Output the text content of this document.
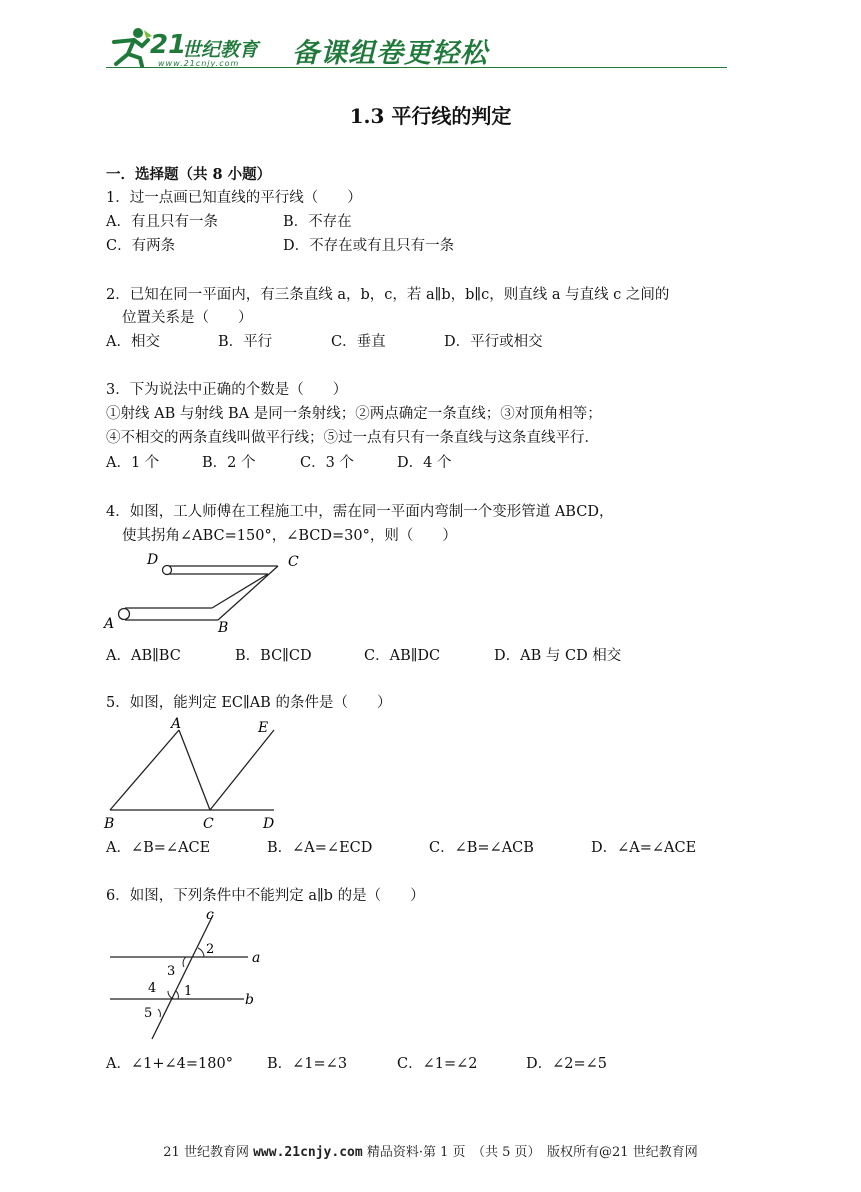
21
世纪教育
www.21cnjy.com 备课组卷更轻松
1.3 平行线的判定
一．选择题（共 8 小题）
1．过一点画已知直线的平行线（　　）
A．有且只有一条	B．不存在
C．有两条	D．不存在或有且只有一条
2．已知在同一平面内，有三条直线 a，b，c，若 a∥b，b∥c，则直线 a 与直线 c 之间的
位置关系是（　　）
A．相交	B．平行	C．垂直	D．平行或相交
3．下为说法中正确的个数是（　　）
①射线 AB 与射线 BA 是同一条射线；②两点确定一条直线；③对顶角相等；
④不相交的两条直线叫做平行线；⑤过一点有只有一条直线与这条直线平行．
A．1 个	B．2 个	C．3 个	D．4 个
4．如图，工人师傅在工程施工中，需在同一平面内弯制一个变形管道 ABCD，
使其拐角∠ABC=150°，∠BCD=30°，则（　　）
D	C
A	B
A．AB∥BC	B．BC∥CD	C．AB∥DC	D．AB 与 CD 相交
5．如图，能判定 EC∥AB 的条件是（　　）
A	E
B	C	D
A．∠B=∠ACE	B．∠A=∠ECD	C．∠B=∠ACB	D．∠A=∠ACE
6．如图，下列条件中不能判定 a∥b 的是（　　）
c
2
a
3
4 1
b
5
A．∠1+∠4=180° B．∠1=∠3	C．∠1=∠2	D．∠2=∠5
21 世纪教育网 www.21cnjy.com 精品资料·第 1 页　（共 5 页）　版权所有@21 世纪教育网
